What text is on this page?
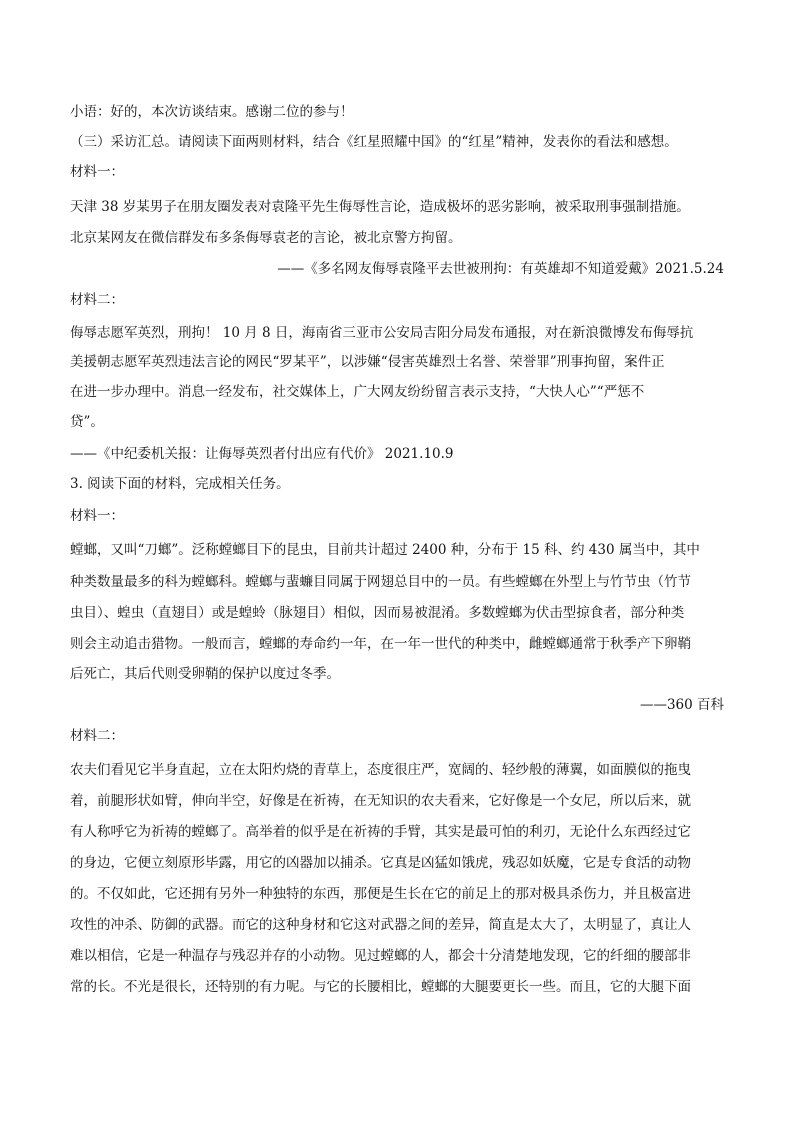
小语：好的，本次访谈结束。感谢二位的参与！
（三）采访汇总。请阅读下面两则材料，结合《红星照耀中国》的“红星”精神，发表你的看法和感想。
材料一：
天津 38 岁某男子在朋友圈发表对袁隆平先生侮辱性言论，造成极坏的恶劣影响，被采取刑事强制措施。
北京某网友在微信群发布多条侮辱袁老的言论，被北京警方拘留。
——《多名网友侮辱袁隆平去世被刑拘：有英雄却不知道爱戴》2021.5.24
材料二：
侮辱志愿军英烈，刑拘！ 10 月 8 日，海南省三亚市公安局吉阳分局发布通报，对在新浪微博发布侮辱抗
美援朝志愿军英烈违法言论的网民“罗某平”，以涉嫌“侵害英雄烈士名誉、荣誉罪”刑事拘留，案件正
在进一步办理中。消息一经发布，社交媒体上，广大网友纷纷留言表示支持，“大快人心”“严惩不
贷”。
——《中纪委机关报：让侮辱英烈者付出应有代价》 2021.10.9
3. 阅读下面的材料，完成相关任务。
材料一：
螳螂，又叫“刀螂”。泛称螳螂目下的昆虫，目前共计超过 2400 种，分布于 15 科、约 430 属当中，其中
种类数量最多的科为螳螂科。螳螂与蜚蠊目同属于网翅总目中的一员。有些螳螂在外型上与竹节虫（竹节
虫目）、蝗虫（直翅目）或是蝗蛉（脉翅目）相似，因而易被混淆。多数螳螂为伏击型掠食者，部分种类
则会主动追击猎物。一般而言，螳螂的寿命约一年，在一年一世代的种类中，雌螳螂通常于秋季产下卵鞘
后死亡，其后代则受卵鞘的保护以度过冬季。
——360 百科
材料二：
农夫们看见它半身直起，立在太阳灼烧的青草上，态度很庄严，宽阔的、轻纱般的薄翼，如面膜似的拖曳
着，前腿形状如臂，伸向半空，好像是在祈祷，在无知识的农夫看来，它好像是一个女尼，所以后来，就
有人称呼它为祈祷的螳螂了。高举着的似乎是在祈祷的手臂，其实是最可怕的利刃，无论什么东西经过它
的身边，它便立刻原形毕露，用它的凶器加以捕杀。它真是凶猛如饿虎，残忍如妖魔，它是专食活的动物
的。不仅如此，它还拥有另外一种独特的东西，那便是生长在它的前足上的那对极具杀伤力，并且极富进
攻性的冲杀、防御的武器。而它的这种身材和它这对武器之间的差异，简直是太大了，太明显了，真让人
难以相信，它是一种温存与残忍并存的小动物。见过螳螂的人，都会十分清楚地发现，它的纤细的腰部非
常的长。不光是很长，还特别的有力呢。与它的长腰相比，螳螂的大腿要更长一些。而且，它的大腿下面
